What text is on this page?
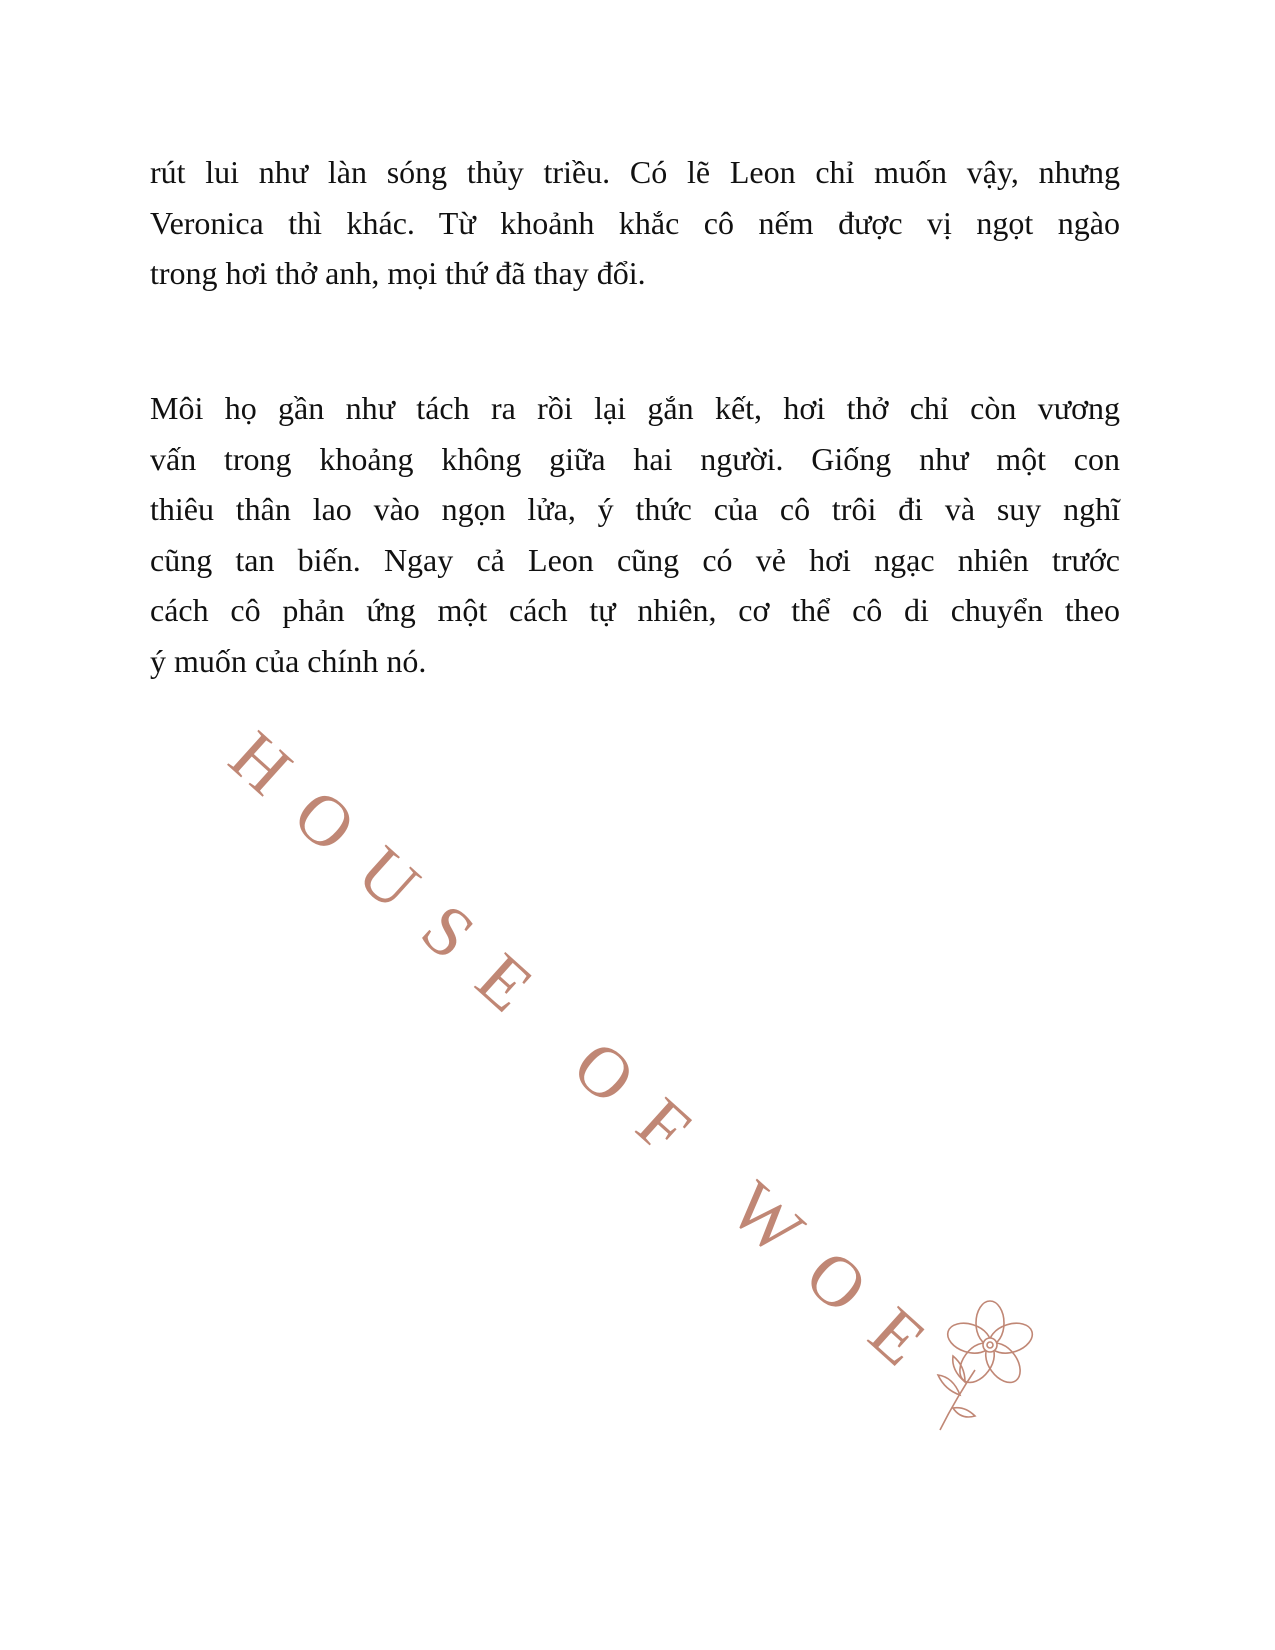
rút lui như làn sóng thủy triều. Có lẽ Leon chỉ muốn vậy, nhưng
Veronica thì khác. Từ khoảnh khắc cô nếm được vị ngọt ngào
trong hơi thở anh, mọi thứ đã thay đổi.
Môi họ gần như tách ra rồi lại gắn kết, hơi thở chỉ còn vương
vấn trong khoảng không giữa hai người. Giống như một con
thiêu thân lao vào ngọn lửa, ý thức của cô trôi đi và suy nghĩ
cũng tan biến. Ngay cả Leon cũng có vẻ hơi ngạc nhiên trước
cách cô phản ứng một cách tự nhiên, cơ thể cô di chuyển theo
ý muốn của chính nó.
HOUSE OF WOE
